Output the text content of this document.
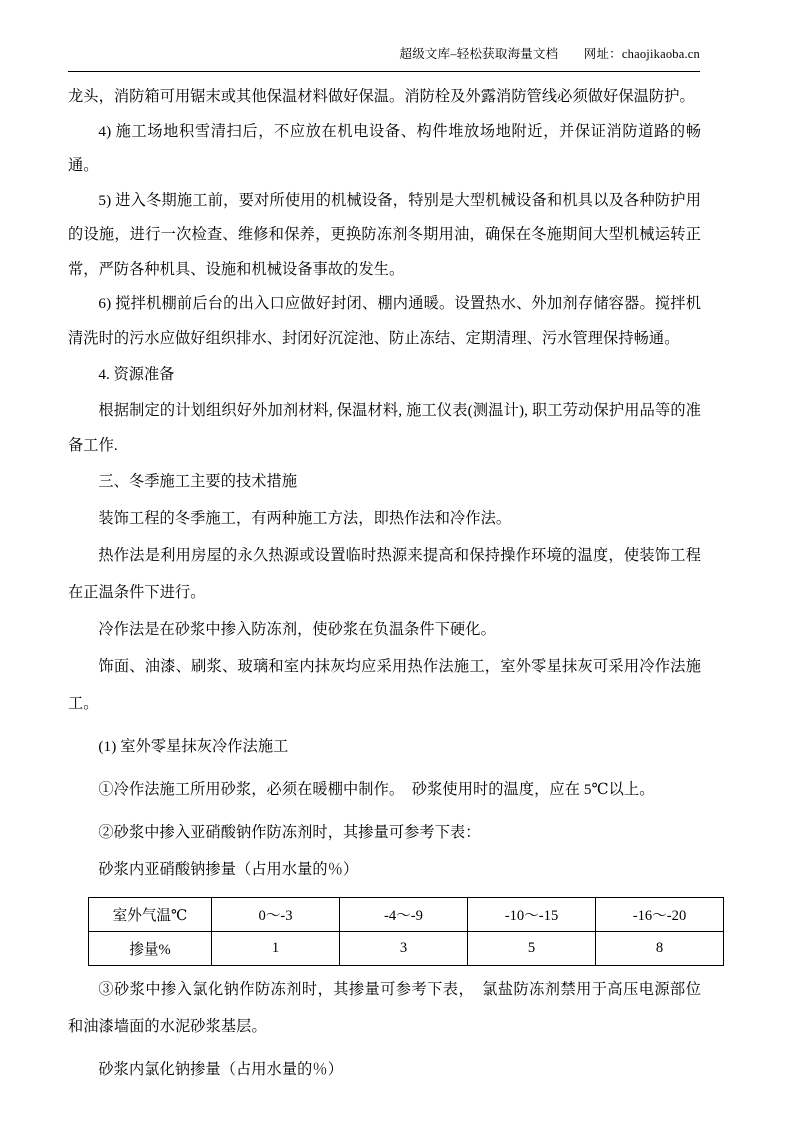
超级文库–轻松获取海量文档　　网址：chaojikaoba.cn

龙头，消防箱可用锯末或其他保温材料做好保温。消防栓及外露消防管线必须做好保温防护。

4) 施工场地积雪清扫后，不应放在机电设备、构件堆放场地附近，并保证消防道路的畅通。

5) 进入冬期施工前，要对所使用的机械设备，特别是大型机械设备和机具以及各种防护用的设施，进行一次检查、维修和保养，更换防冻剂冬期用油，确保在冬施期间大型机械运转正常，严防各种机具、设施和机械设备事故的发生。

6) 搅拌机棚前后台的出入口应做好封闭、棚内通暖。设置热水、外加剂存储容器。搅拌机清洗时的污水应做好组织排水、封闭好沉淀池、防止冻结、定期清理、污水管理保持畅通。

4. 资源准备

根据制定的计划组织好外加剂材料, 保温材料, 施工仪表(测温计), 职工劳动保护用品等的准备工作.

三、冬季施工主要的技术措施

装饰工程的冬季施工，有两种施工方法，即热作法和冷作法。

热作法是利用房屋的永久热源或设置临时热源来提高和保持操作环境的温度，使装饰工程在正温条件下进行。

冷作法是在砂浆中掺入防冻剂，使砂浆在负温条件下硬化。

饰面、油漆、刷浆、玻璃和室内抹灰均应采用热作法施工，室外零星抹灰可采用冷作法施工。

(1) 室外零星抹灰冷作法施工

①冷作法施工所用砂浆，必须在暖棚中制作。　砂浆使用时的温度，应在 5℃以上。

②砂浆中掺入亚硝酸钠作防冻剂时，其掺量可参考下表：

砂浆内亚硝酸钠掺量（占用水量的％）

室外气温℃	0～-3	-4～-9	-10～-15	-16～-20
掺量%	1	3	5	8

③砂浆中掺入氯化钠作防冻剂时，其掺量可参考下表，　氯盐防冻剂禁用于高压电源部位和油漆墙面的水泥砂浆基层。

砂浆内氯化钠掺量（占用水量的％）
